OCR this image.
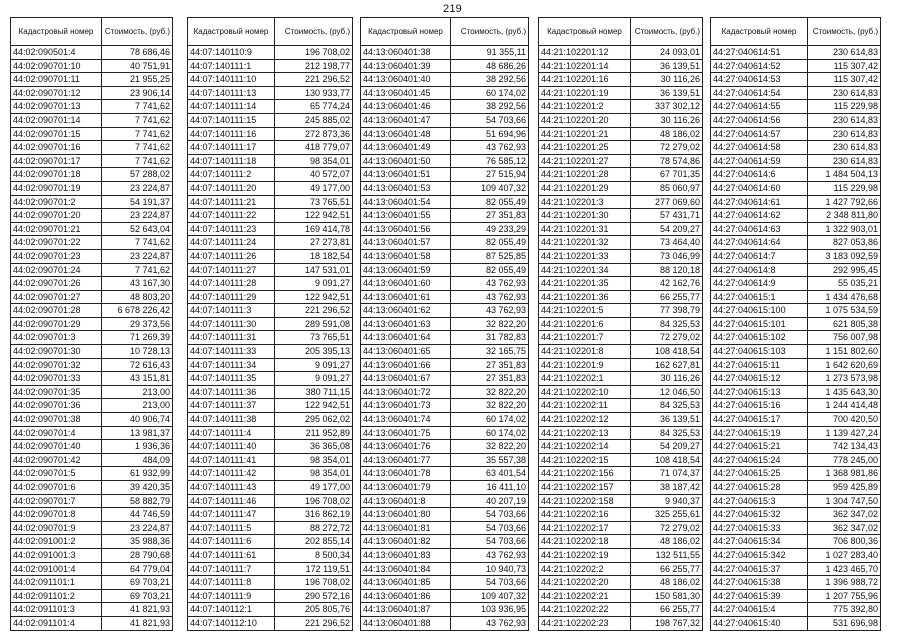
219
Кадастровый номер	Стоимость, (руб.)
44:02:090501:4	78 686,46
44:02:090701:10	40 751,91
44:02:090701:11	21 955,25
44:02:090701:12	23 906,14
44:02:090701:13	7 741,62
44:02:090701:14	7 741,62
44:02:090701:15	7 741,62
44:02:090701:16	7 741,62
44:02:090701:17	7 741,62
44:02:090701:18	57 288,02
44:02:090701:19	23 224,87
44:02:090701:2	54 191,37
44:02:090701:20	23 224,87
44:02:090701:21	52 643,04
44:02:090701:22	7 741,62
44:02:090701:23	23 224,87
44:02:090701:24	7 741,62
44:02:090701:26	43 167,30
44:02:090701:27	48 803,20
44:02:090701:28	6 678 226,42
44:02:090701:29	29 373,56
44:02:090701:3	71 269,39
44:02:090701:30	10 728,13
44:02:090701:32	72 616,43
44:02:090701:33	43 151,81
44:02:090701:35	213,00
44:02:090701:36	213,00
44:02:090701:38	40 906,74
44:02:090701:4	13 981,37
44:02:090701:40	1 936,36
44:02:090701:42	484,09
44:02:090701:5	61 932,99
44:02:090701:6	39 420,35
44:02:090701:7	58 882,79
44:02:090701:8	44 746,59
44:02:090701:9	23 224,87
44:02:091001:2	35 988,36
44:02:091001:3	28 790,68
44:02:091001:4	64 779,04
44:02:091101:1	69 703,21
44:02:091101:2	69 703,21
44:02:091101:3	41 821,93
44:02:091101:4	41 821,93
Кадастровый номер	Стоимость, (руб.)
44:07:140110:9	196 708,02
44:07:140111:1	212 198,77
44:07:140111:10	221 296,52
44:07:140111:13	130 933,77
44:07:140111:14	65 774,24
44:07:140111:15	245 885,02
44:07:140111:16	272 873,36
44:07:140111:17	418 779,07
44:07:140111:18	98 354,01
44:07:140111:2	40 572,07
44:07:140111:20	49 177,00
44:07:140111:21	73 765,51
44:07:140111:22	122 942,51
44:07:140111:23	169 414,78
44:07:140111:24	27 273,81
44:07:140111:26	18 182,54
44:07:140111:27	147 531,01
44:07:140111:28	9 091,27
44:07:140111:29	122 942,51
44:07:140111:3	221 296,52
44:07:140111:30	289 591,08
44:07:140111:31	73 765,51
44:07:140111:33	205 395,13
44:07:140111:34	9 091,27
44:07:140111:35	9 091,27
44:07:140111:36	380 711,15
44:07:140111:37	122 942,51
44:07:140111:38	295 062,02
44:07:140111:4	211 952,89
44:07:140111:40	36 365,08
44:07:140111:41	98 354,01
44:07:140111:42	98 354,01
44:07:140111:43	49 177,00
44:07:140111:46	196 708,02
44:07:140111:47	316 862,19
44:07:140111:5	88 272,72
44:07:140111:6	202 855,14
44:07:140111:61	8 500,34
44:07:140111:7	172 119,51
44:07:140111:8	196 708,02
44:07:140111:9	290 572,16
44:07:140112:1	205 805,76
44:07:140112:10	221 296,52
Кадастровый номер	Стоимость, (руб.)
44:13:060401:38	91 355,11
44:13:060401:39	48 686,26
44:13:060401:40	38 292,56
44:13:060401:45	60 174,02
44:13:060401:46	38 292,56
44:13:060401:47	54 703,66
44:13:060401:48	51 694,96
44:13:060401:49	43 762,93
44:13:060401:50	76 585,12
44:13:060401:51	27 515,94
44:13:060401:53	109 407,32
44:13:060401:54	82 055,49
44:13:060401:55	27 351,83
44:13:060401:56	49 233,29
44:13:060401:57	82 055,49
44:13:060401:58	87 525,85
44:13:060401:59	82 055,49
44:13:060401:60	43 762,93
44:13:060401:61	43 762,93
44:13:060401:62	43 762,93
44:13:060401:63	32 822,20
44:13:060401:64	31 782,83
44:13:060401:65	32 165,75
44:13:060401:66	27 351,83
44:13:060401:67	27 351,83
44:13:060401:72	32 822,20
44:13:060401:73	32 822,20
44:13:060401:74	60 174,02
44:13:060401:75	60 174,02
44:13:060401:76	32 822,20
44:13:060401:77	35 557,38
44:13:060401:78	63 401,54
44:13:060401:79	16 411,10
44:13:060401:8	40 207,19
44:13:060401:80	54 703,66
44:13:060401:81	54 703,66
44:13:060401:82	54 703,66
44:13:060401:83	43 762,93
44:13:060401:84	10 940,73
44:13:060401:85	54 703,66
44:13:060401:86	109 407,32
44:13:060401:87	103 936,95
44:13:060401:88	43 762,93
Кадастровый номер	Стоимость, (руб.)
44:21:102201:12	24 093,01
44:21:102201:14	36 139,51
44:21:102201:16	30 116,26
44:21:102201:19	36 139,51
44:21:102201:2	337 302,12
44:21:102201:20	30 116,26
44:21:102201:21	48 186,02
44:21:102201:25	72 279,02
44:21:102201:27	78 574,86
44:21:102201:28	67 701,35
44:21:102201:29	85 060,97
44:21:102201:3	277 069,60
44:21:102201:30	57 431,71
44:21:102201:31	54 209,27
44:21:102201:32	73 464,40
44:21:102201:33	73 046,99
44:21:102201:34	88 120,18
44:21:102201:35	42 162,76
44:21:102201:36	66 255,77
44:21:102201:5	77 398,79
44:21:102201:6	84 325,53
44:21:102201:7	72 279,02
44:21:102201:8	108 418,54
44:21:102201:9	162 627,81
44:21:102202:1	30 116,26
44:21:102202:10	12 046,50
44:21:102202:11	84 325,53
44:21:102202:12	36 139,51
44:21:102202:13	84 325,53
44:21:102202:14	54 209,27
44:21:102202:15	108 418,54
44:21:102202:156	71 074,37
44:21:102202:157	38 187,42
44:21:102202:158	9 940,37
44:21:102202:16	325 255,61
44:21:102202:17	72 279,02
44:21:102202:18	48 186,02
44:21:102202:19	132 511,55
44:21:102202:2	66 255,77
44:21:102202:20	48 186,02
44:21:102202:21	150 581,30
44:21:102202:22	66 255,77
44:21:102202:23	198 767,32
Кадастровый номер	Стоимость, (руб.)
44:27:040614:51	230 614,83
44:27:040614:52	115 307,42
44:27:040614:53	115 307,42
44:27:040614:54	230 614,83
44:27:040614:55	115 229,98
44:27:040614:56	230 614,83
44:27:040614:57	230 614,83
44:27:040614:58	230 614,83
44:27:040614:59	230 614,83
44:27:040614:6	1 484 504,13
44:27:040614:60	115 229,98
44:27:040614:61	1 427 792,66
44:27:040614:62	2 348 811,80
44:27:040614:63	1 322 903,01
44:27:040614:64	827 053,86
44:27:040614:7	3 183 092,59
44:27:040614:8	292 995,45
44:27:040614:9	55 035,21
44:27:040615:1	1 434 476,68
44:27:040615:100	1 075 534,59
44:27:040615:101	621 805,38
44:27:040615:102	756 007,98
44:27:040615:103	1 151 802,60
44:27:040615:11	1 642 620,69
44:27:040615:12	1 273 573,98
44:27:040615:13	1 435 643,30
44:27:040615:16	1 244 414,48
44:27:040615:17	700 420,50
44:27:040615:19	1 139 427,24
44:27:040615:21	742 134,43
44:27:040615:24	778 245,00
44:27:040615:25	1 368 981,86
44:27:040615:28	959 425,89
44:27:040615:3	1 304 747,50
44:27:040615:32	362 347,02
44:27:040615:33	362 347,02
44:27:040615:34	706 800,36
44:27:040615:342	1 027 283,40
44:27:040615:37	1 423 465,70
44:27:040615:38	1 396 988,72
44:27:040615:39	1 207 755,96
44:27:040615:4	775 392,80
44:27:040615:40	531 696,98
